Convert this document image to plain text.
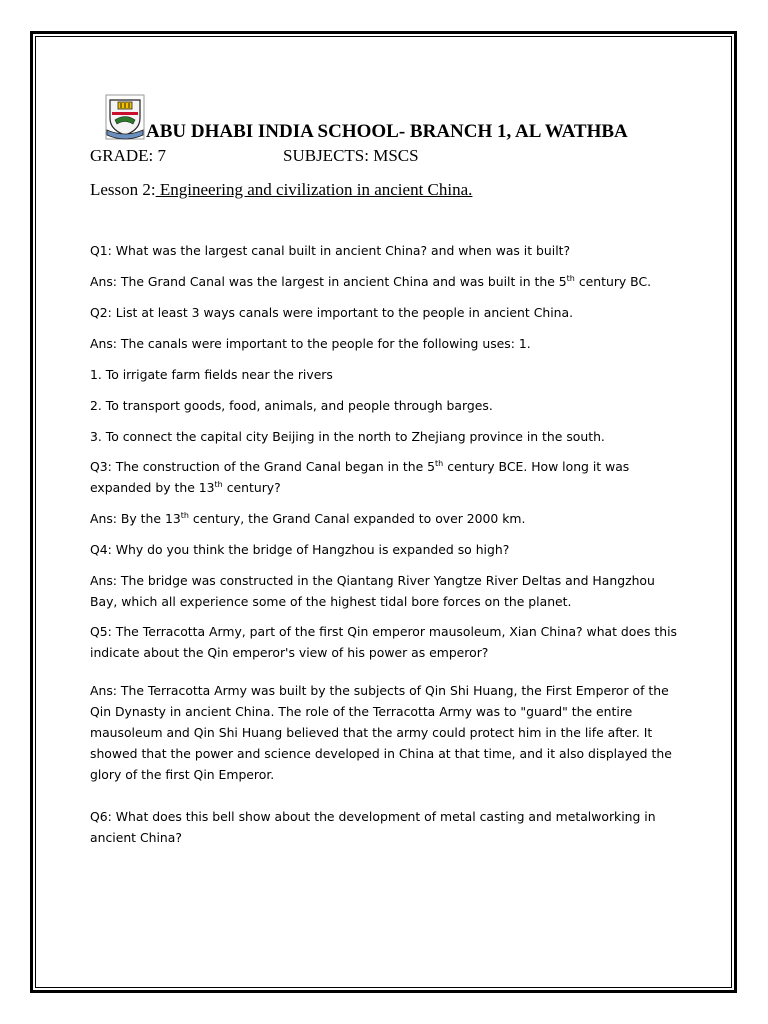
ABU DHABI INDIA SCHOOL- BRANCH 1, AL WATHBA
GRADE: 7	SUBJECTS: MSCS
Lesson 2: Engineering and civilization in ancient China.

Q1: What was the largest canal built in ancient China? and when was it built?

Ans: The Grand Canal was the largest in ancient China and was built in the 5th century BC.

Q2: List at least 3 ways canals were important to the people in ancient China.

Ans: The canals were important to the people for the following uses: 1.

1. To irrigate farm fields near the rivers

2. To transport goods, food, animals, and people through barges.

3. To connect the capital city Beijing in the north to Zhejiang province in the south.

Q3: The construction of the Grand Canal began in the 5th century BCE. How long it was expanded by the 13th century?

Ans: By the 13th century, the Grand Canal expanded to over 2000 km.

Q4: Why do you think the bridge of Hangzhou is expanded so high?

Ans: The bridge was constructed in the Qiantang River Yangtze River Deltas and Hangzhou Bay, which all experience some of the highest tidal bore forces on the planet.

Q5: The Terracotta Army, part of the first Qin emperor mausoleum, Xian China? what does this indicate about the Qin emperor's view of his power as emperor?

Ans: The Terracotta Army was built by the subjects of Qin Shi Huang, the First Emperor of the Qin Dynasty in ancient China. The role of the Terracotta Army was to "guard" the entire mausoleum and Qin Shi Huang believed that the army could protect him in the life after. It showed that the power and science developed in China at that time, and it also displayed the glory of the first Qin Emperor.

Q6: What does this bell show about the development of metal casting and metalworking in ancient China?
